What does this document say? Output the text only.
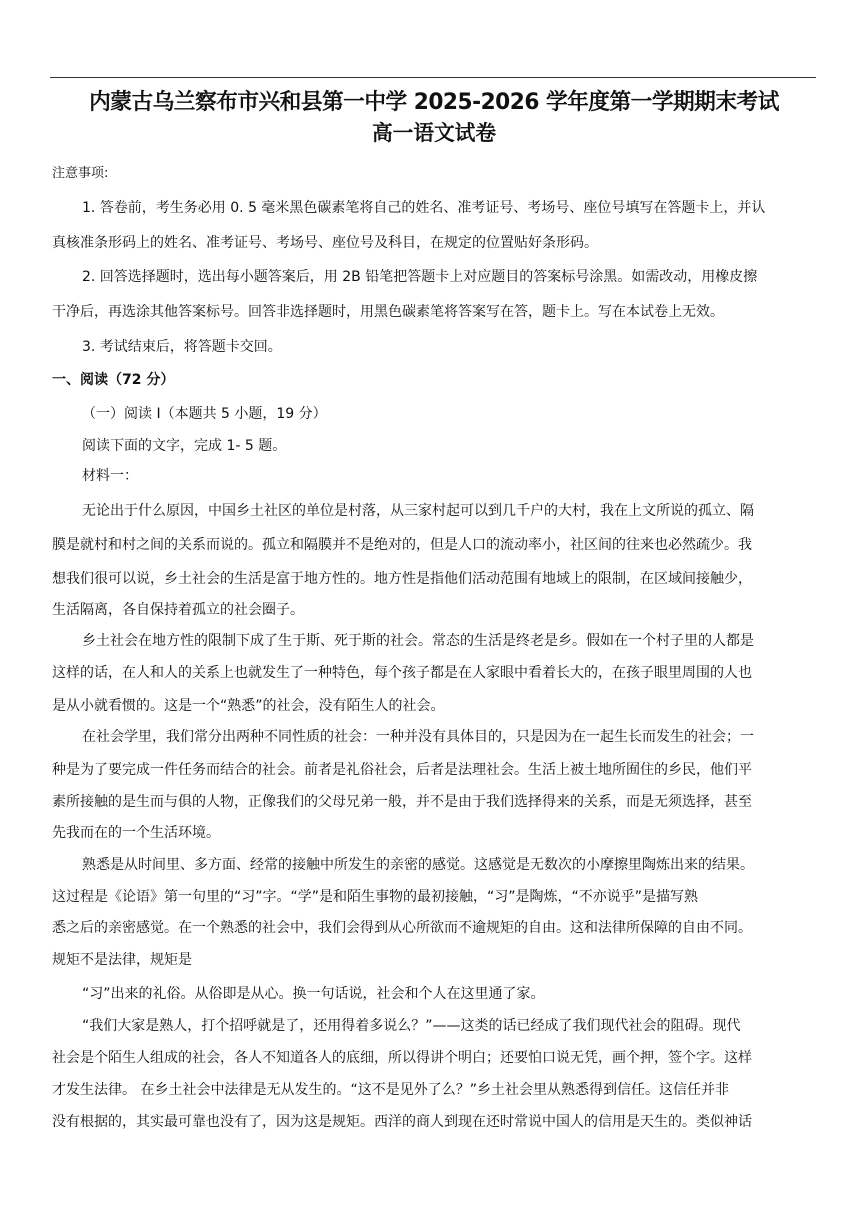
内蒙古乌兰察布市兴和县第一中学 2025-2026 学年度第一学期期末考试
高一语文试卷
注意事项:
1. 答卷前，考生务必用 0. 5 毫米黑色碳素笔将自己的姓名、准考证号、考场号、座位号填写在答题卡上，并认
真核准条形码上的姓名、准考证号、考场号、座位号及科目，在规定的位置贴好条形码。
2. 回答选择题时，选出每小题答案后，用 2B 铅笔把答题卡上对应题目的答案标号涂黑。如需改动，用橡皮擦
干净后，再选涂其他答案标号。回答非选择题时，用黑色碳素笔将答案写在答，题卡上。写在本试卷上无效。
3. 考试结束后，将答题卡交回。
一、阅读（72 分）
（一）阅读 I（本题共 5 小题，19 分）
阅读下面的文字，完成 1- 5 题。
材料一：
无论出于什么原因，中国乡土社区的单位是村落，从三家村起可以到几千户的大村，我在上文所说的孤立、隔
膜是就村和村之间的关系而说的。孤立和隔膜并不是绝对的，但是人口的流动率小，社区间的往来也必然疏少。我
想我们很可以说，乡土社会的生活是富于地方性的。地方性是指他们活动范围有地域上的限制，在区域间接触少，
生活隔离，各自保持着孤立的社会圈子。
乡土社会在地方性的限制下成了生于斯、死于斯的社会。常态的生活是终老是乡。假如在一个村子里的人都是
这样的话，在人和人的关系上也就发生了一种特色，每个孩子都是在人家眼中看着长大的，在孩子眼里周围的人也
是从小就看惯的。这是一个“熟悉”的社会，没有陌生人的社会。
在社会学里，我们常分出两种不同性质的社会：一种并没有具体目的，只是因为在一起生长而发生的社会；一
种是为了要完成一件任务而结合的社会。前者是礼俗社会，后者是法理社会。生活上被土地所囿住的乡民，他们平
素所接触的是生而与俱的人物，正像我们的父母兄弟一般，并不是由于我们选择得来的关系，而是无须选择，甚至
先我而在的一个生活环境。
熟悉是从时间里、多方面、经常的接触中所发生的亲密的感觉。这感觉是无数次的小摩擦里陶炼出来的结果。
这过程是《论语》第一句里的“习”字。“学”是和陌生事物的最初接触，“习”是陶炼，“不亦说乎”是描写熟
悉之后的亲密感觉。在一个熟悉的社会中，我们会得到从心所欲而不逾规矩的自由。这和法律所保障的自由不同。
规矩不是法律，规矩是
“习”出来的礼俗。从俗即是从心。换一句话说，社会和个人在这里通了家。
“我们大家是熟人，打个招呼就是了，还用得着多说么？”——这类的话已经成了我们现代社会的阻碍。现代
社会是个陌生人组成的社会，各人不知道各人的底细，所以得讲个明白；还要怕口说无凭，画个押，签个字。这样
才发生法律。 在乡土社会中法律是无从发生的。“这不是见外了么？”乡土社会里从熟悉得到信任。这信任并非
没有根据的，其实最可靠也没有了，因为这是规矩。西洋的商人到现在还时常说中国人的信用是天生的。类似神话
